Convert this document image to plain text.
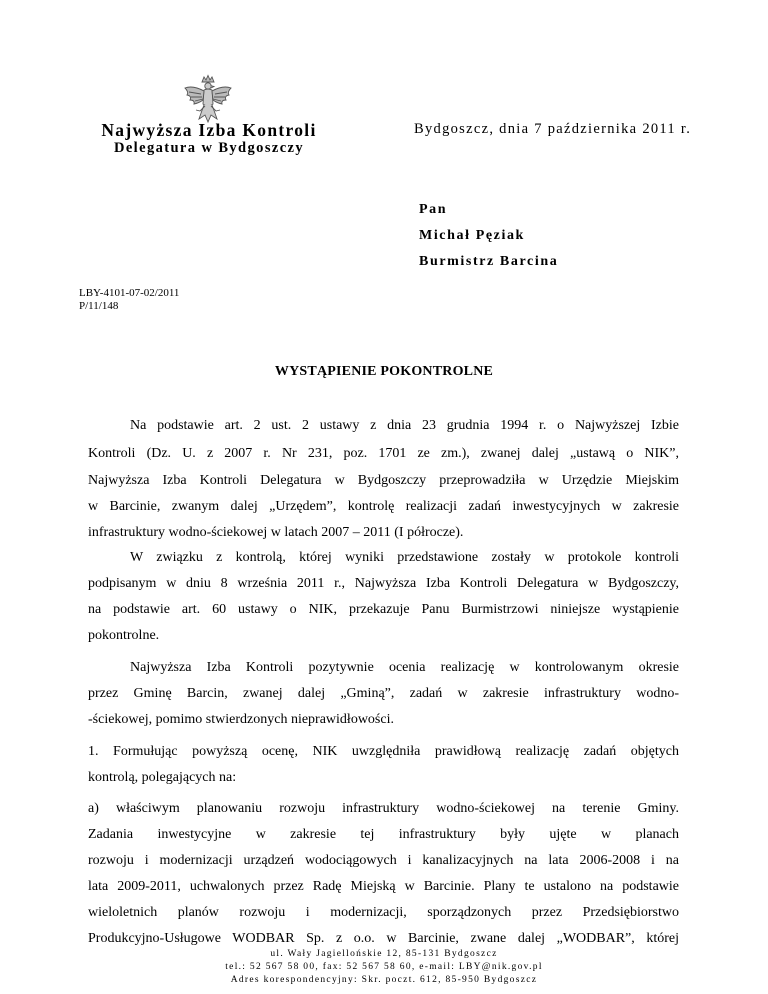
Najwyższa Izba Kontroli
Delegatura w Bydgoszczy
Bydgoszcz, dnia 7 października 2011 r.
Pan
Michał Pęziak
Burmistrz Barcina
LBY-4101-07-02/2011
P/11/148
WYSTĄPIENIE POKONTROLNE
Na podstawie art. 2 ust. 2 ustawy z dnia 23 grudnia 1994 r. o Najwyższej Izbie
Kontroli (Dz. U. z 2007 r. Nr 231, poz. 1701 ze zm.), zwanej dalej „ustawą o NIK”,
Najwyższa Izba Kontroli Delegatura w Bydgoszczy przeprowadziła w Urzędzie Miejskim
w Barcinie, zwanym dalej „Urzędem”, kontrolę realizacji zadań inwestycyjnych w zakresie
infrastruktury wodno-ściekowej w latach 2007 – 2011 (I półrocze).
W związku z kontrolą, której wyniki przedstawione zostały w protokole kontroli
podpisanym w dniu 8 września 2011 r., Najwyższa Izba Kontroli Delegatura w Bydgoszczy,
na podstawie art. 60 ustawy o NIK, przekazuje Panu Burmistrzowi niniejsze wystąpienie
pokontrolne.
Najwyższa Izba Kontroli pozytywnie ocenia realizację w kontrolowanym okresie
przez Gminę Barcin, zwanej dalej „Gminą”, zadań w zakresie infrastruktury wodno-
-ściekowej, pomimo stwierdzonych nieprawidłowości.
1. Formułując powyższą ocenę, NIK uwzględniła prawidłową realizację zadań objętych
kontrolą, polegających na:
a) właściwym planowaniu rozwoju infrastruktury wodno-ściekowej na terenie Gminy.
Zadania inwestycyjne w zakresie tej infrastruktury były ujęte w planach
rozwoju i modernizacji urządzeń wodociągowych i kanalizacyjnych na lata 2006-2008 i na
lata 2009-2011, uchwalonych przez Radę Miejską w Barcinie. Plany te ustalono na podstawie
wieloletnich planów rozwoju i modernizacji, sporządzonych przez Przedsiębiorstwo
Produkcyjno-Usługowe WODBAR Sp. z o.o. w Barcinie, zwane dalej „WODBAR”, której
ul. Wały Jagiellońskie 12, 85-131 Bydgoszcz
tel.: 52 567 58 00, fax: 52 567 58 60, e-mail: LBY@nik.gov.pl
Adres korespondencyjny: Skr. poczt. 612, 85-950 Bydgoszcz
